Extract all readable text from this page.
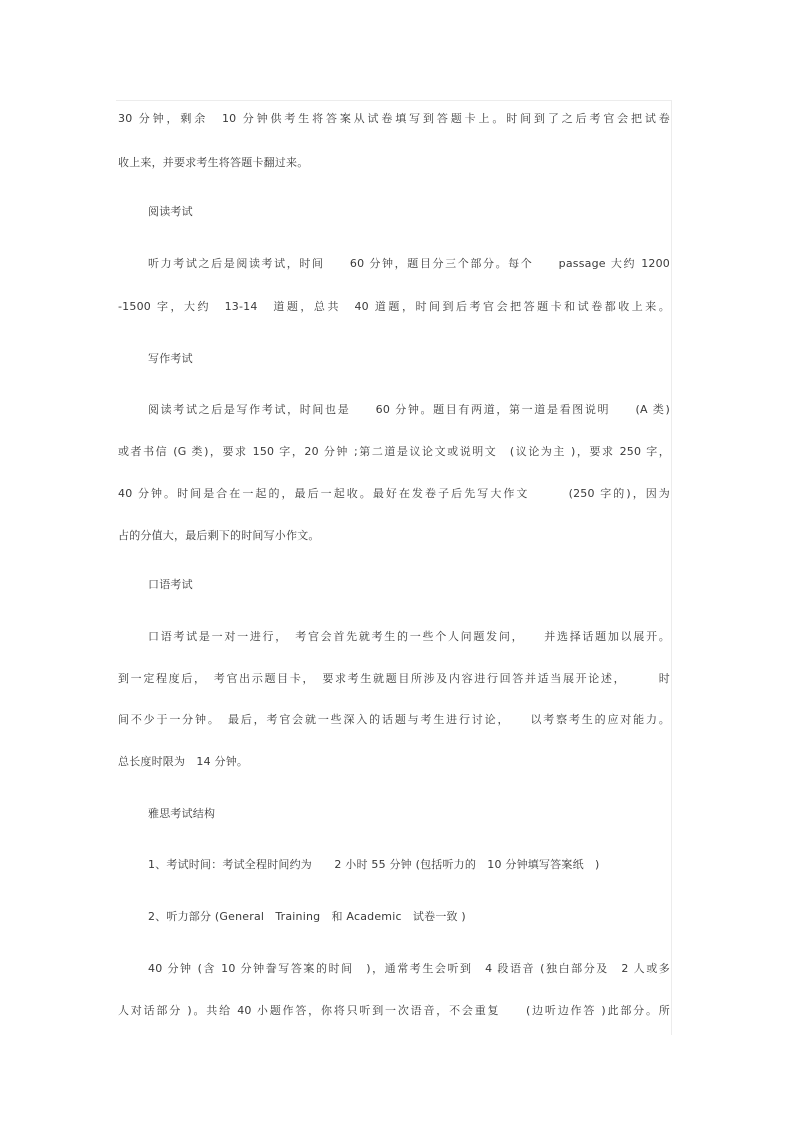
30 分钟，剩余　10 分钟供考生将答案从试卷填写到答题卡上。时间到了之后考官会把试卷
收上来，并要求考生将答题卡翻过来。
阅读考试
听力考试之后是阅读考试，时间　　60 分钟，题目分三个部分。每个　　passage 大约 1200
-1500 字，大约　13-14　道题，总共　40 道题，时间到后考官会把答题卡和试卷都收上来。
写作考试
阅读考试之后是写作考试，时间也是　　60 分钟。题目有两道，第一道是看图说明　　(A 类)
或者书信 (G 类)，要求 150 字，20 分钟 ;第二道是议论文或说明文　(议论为主 )，要求 250 字，
40 分钟。时间是合在一起的，最后一起收。最好在发卷子后先写大作文　　　(250 字的)，因为
占的分值大，最后剩下的时间写小作文。
口语考试
口语考试是一对一进行，　考官会首先就考生的一些个人问题发问，　　并选择话题加以展开。
到一定程度后，　考官出示题目卡，　要求考生就题目所涉及内容进行回答并适当展开论述，　　　时
间不少于一分钟。　最后，考官会就一些深入的话题与考生进行讨论，　　以考察考生的应对能力。
总长度时限为　14 分钟。
雅思考试结构
1、考试时间：考试全程时间约为　　2 小时 55 分钟 (包括听力的　10 分钟填写答案纸　)
2、听力部分 (General　Training　和 Academic　试卷一致 )
40 分钟 (含 10 分钟誊写答案的时间　)，通常考生会听到　4 段语音 (独白部分及　2 人或多
人对话部分 )。共给 40 小题作答，你将只听到一次语音，不会重复　　(边听边作答 )此部分。所
